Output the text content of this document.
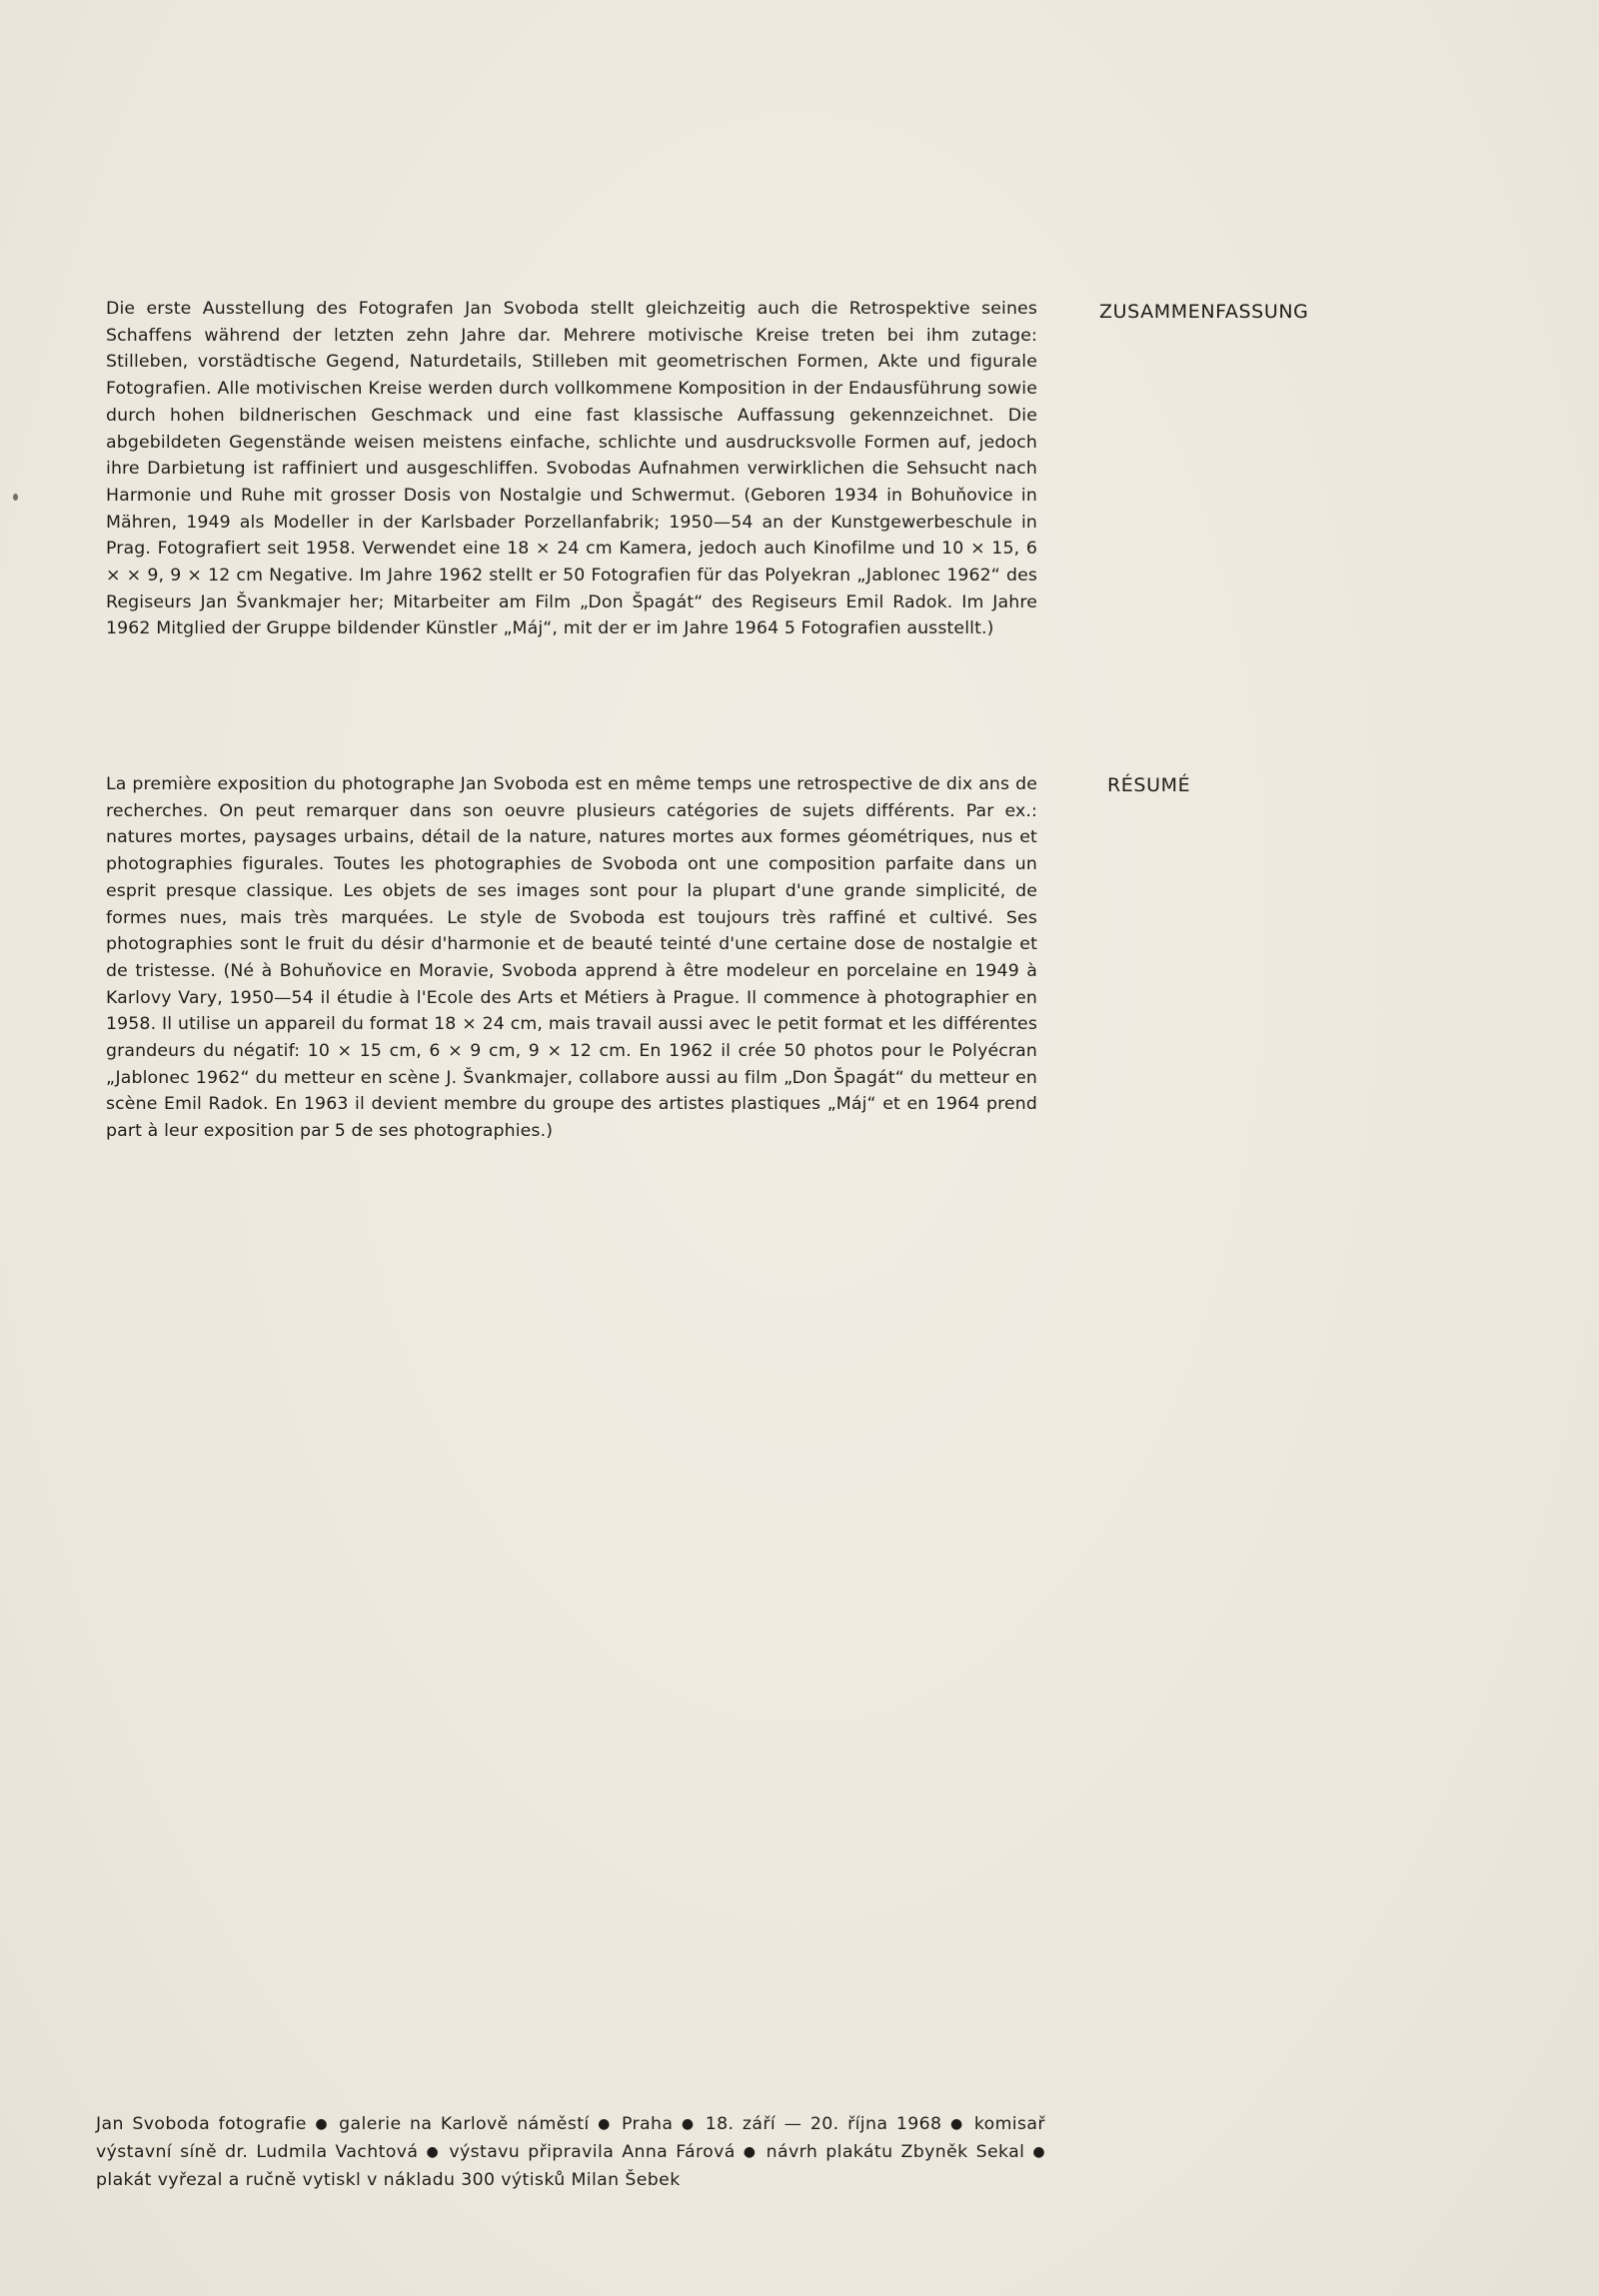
Die erste Ausstellung des Fotografen Jan Svoboda stellt gleichzeitig auch die Retrospektive seines Schaffens während der letzten zehn Jahre dar. Mehrere motivische Kreise treten bei ihm zutage: Stilleben, vorstädtische Gegend, Naturdetails, Stilleben mit geometrischen Formen, Akte und figurale Fotografien. Alle motivischen Kreise werden durch vollkommene Komposition in der Endausführung sowie durch hohen bildnerischen Geschmack und eine fast klassische Auffassung gekennzeichnet. Die abgebildeten Gegenstände weisen meistens einfache, schlichte und ausdrucksvolle Formen auf, jedoch ihre Darbietung ist raffiniert und ausgeschliffen. Svobodas Aufnahmen verwirklichen die Sehsucht nach Harmonie und Ruhe mit grosser Dosis von Nostalgie und Schwermut. (Geboren 1934 in Bohuňovice in Mähren, 1949 als Modeller in der Karlsbader Porzellanfabrik; 1950—54 an der Kunstgewerbeschule in Prag. Fotografiert seit 1958. Verwendet eine 18 × 24 cm Kamera, jedoch auch Kinofilme und 10 × 15, 6 × × 9, 9 × 12 cm Negative. Im Jahre 1962 stellt er 50 Fotografien für das Polyekran „Jablonec 1962“ des Regiseurs Jan Švankmajer her; Mitarbeiter am Film „Don Špagát“ des Regiseurs Emil Radok. Im Jahre 1962 Mitglied der Gruppe bildender Künstler „Máj“, mit der er im Jahre 1964 5 Fotografien ausstellt.)

ZUSAMMENFASSUNG

La première exposition du photographe Jan Svoboda est en même temps une retrospective de dix ans de recherches. On peut remarquer dans son oeuvre plusieurs catégories de sujets différents. Par ex.: natures mortes, paysages urbains, détail de la nature, natures mortes aux formes géométriques, nus et photographies figurales. Toutes les photographies de Svoboda ont une composition parfaite dans un esprit presque classique. Les objets de ses images sont pour la plupart d'une grande simplicité, de formes nues, mais très marquées. Le style de Svoboda est toujours très raffiné et cultivé. Ses photographies sont le fruit du désir d'harmonie et de beauté teinté d'une certaine dose de nostalgie et de tristesse. (Né à Bohuňovice en Moravie, Svoboda apprend à être modeleur en porcelaine en 1949 à Karlovy Vary, 1950—54 il étudie à l'Ecole des Arts et Métiers à Prague. Il commence à photographier en 1958. Il utilise un appareil du format 18 × 24 cm, mais travail aussi avec le petit format et les différentes grandeurs du négatif: 10 × 15 cm, 6 × 9 cm, 9 × 12 cm. En 1962 il crée 50 photos pour le Polyécran „Jablonec 1962“ du metteur en scène J. Švankmajer, collabore aussi au film „Don Špagát“ du metteur en scène Emil Radok. En 1963 il devient membre du groupe des artistes plastiques „Máj“ et en 1964 prend part à leur exposition par 5 de ses photographies.)

RÉSUMÉ
Jan Svoboda fotografie ● galerie na Karlově náměstí ● Praha ● 18. září — 20. října 1968 ● komisař výstavní síně dr. Ludmila Vachtová ● výstavu připravila Anna Fárová ● návrh plakátu Zbyněk Sekal ● plakát vyřezal a ručně vytiskl v nákladu 300 výtisků Milan Šebek
